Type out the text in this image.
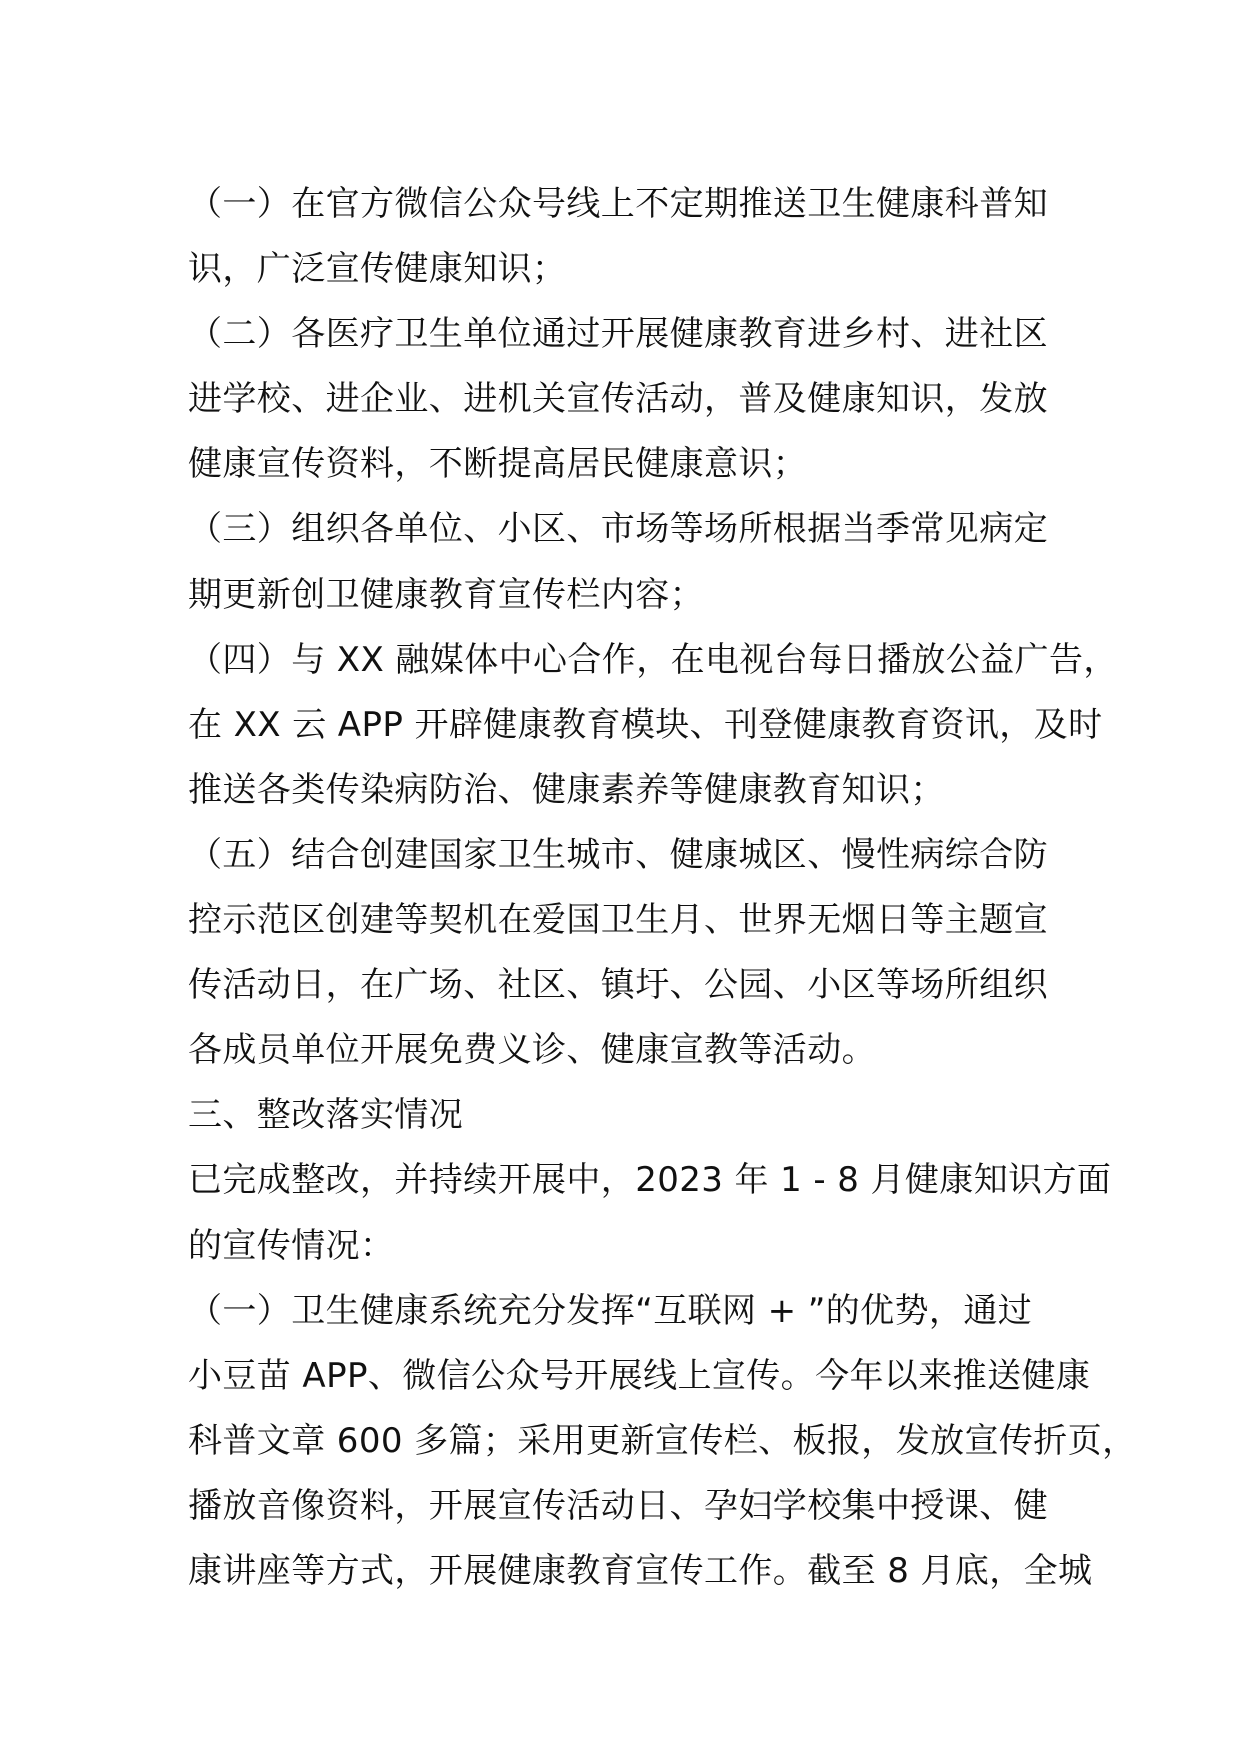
（一）在官方微信公众号线上不定期推送卫生健康科普知
识，广泛宣传健康知识；
（二）各医疗卫生单位通过开展健康教育进乡村、进社区
进学校、进企业、进机关宣传活动，普及健康知识，发放
健康宣传资料，不断提高居民健康意识；
（三）组织各单位、小区、市场等场所根据当季常见病定
期更新创卫健康教育宣传栏内容；
（四）与 XX 融媒体中心合作，在电视台每日播放公益广告，
在 XX 云 APP 开辟健康教育模块、刊登健康教育资讯，及时
推送各类传染病防治、健康素养等健康教育知识；
（五）结合创建国家卫生城市、健康城区、慢性病综合防
控示范区创建等契机在爱国卫生月、世界无烟日等主题宣
传活动日，在广场、社区、镇圩、公园、小区等场所组织
各成员单位开展免费义诊、健康宣教等活动。
三、整改落实情况
已完成整改，并持续开展中，2023 年 1 - 8 月健康知识方面
的宣传情况：
（一）卫生健康系统充分发挥“互联网 + ”的优势，通过
小豆苗 APP、微信公众号开展线上宣传。今年以来推送健康
科普文章 600 多篇；采用更新宣传栏、板报，发放宣传折页，
播放音像资料，开展宣传活动日、孕妇学校集中授课、健
康讲座等方式，开展健康教育宣传工作。截至 8 月底，全城
